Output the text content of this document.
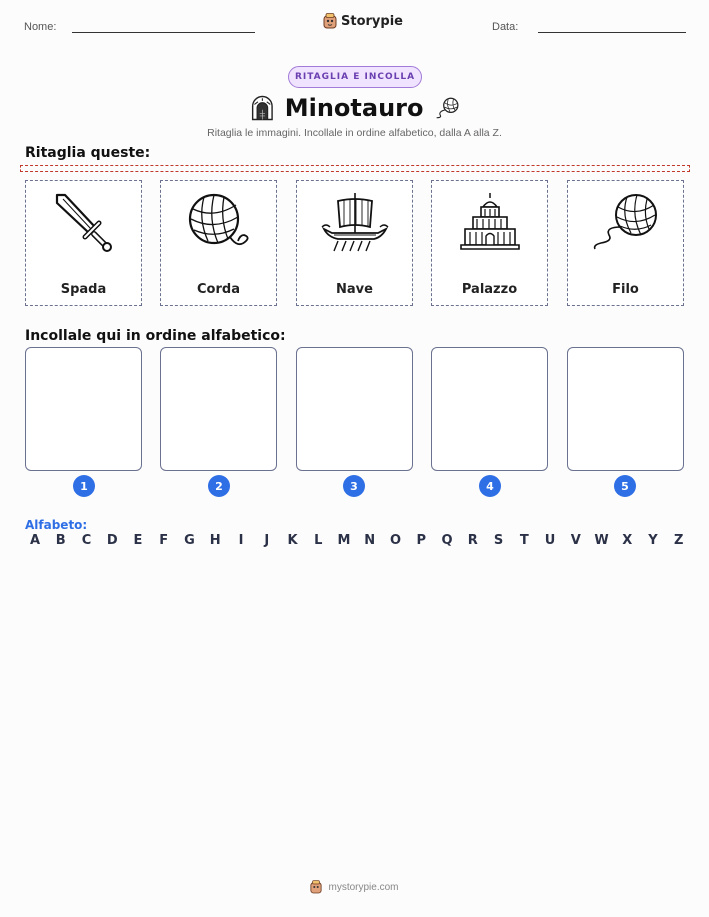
Nome:	Storypie	Data:
RITAGLIA E INCOLLA
Minotauro
Ritaglia le immagini. Incollale in ordine alfabetico, dalla A alla Z.
Ritaglia queste:
Spada	Corda	Nave	Palazzo	Filo
Incollale qui in ordine alfabetico:
1	2	3	4	5
Alfabeto:
A B C D E F G H	I	J	K L M N O P Q R S T U V W X Y Z
mystorypie.com
